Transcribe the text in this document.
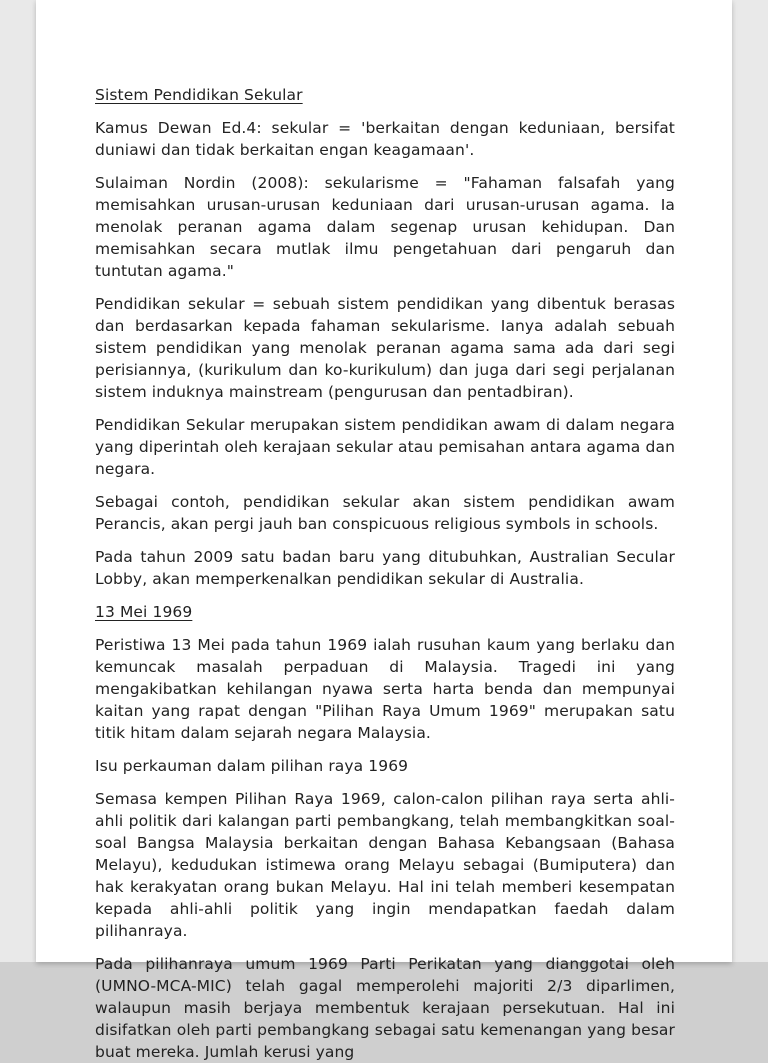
Sistem Pendidikan Sekular

Kamus Dewan Ed.4: sekular = 'berkaitan dengan keduniaan, bersifat duniawi dan tidak berkaitan engan keagamaan'.

Sulaiman Nordin (2008): sekularisme = "Fahaman falsafah yang memisahkan urusan-urusan keduniaan dari urusan-urusan agama. Ia menolak peranan agama dalam segenap urusan kehidupan. Dan memisahkan secara mutlak ilmu pengetahuan dari pengaruh dan tuntutan agama."

Pendidikan sekular = sebuah sistem pendidikan yang dibentuk berasas dan berdasarkan kepada fahaman sekularisme. Ianya adalah sebuah sistem pendidikan yang menolak peranan agama sama ada dari segi perisiannya, (kurikulum dan ko-kurikulum) dan juga dari segi perjalanan sistem induknya mainstream (pengurusan dan pentadbiran).

Pendidikan Sekular merupakan sistem pendidikan awam di dalam negara yang diperintah oleh kerajaan sekular atau pemisahan antara agama dan negara.

Sebagai contoh, pendidikan sekular akan sistem pendidikan awam Perancis, akan pergi jauh ban conspicuous religious symbols in schools.

Pada tahun 2009 satu badan baru yang ditubuhkan, Australian Secular Lobby, akan memperkenalkan pendidikan sekular di Australia.

13 Mei 1969

Peristiwa 13 Mei pada tahun 1969 ialah rusuhan kaum yang berlaku dan kemuncak masalah perpaduan di Malaysia. Tragedi ini yang mengakibatkan kehilangan nyawa serta harta benda dan mempunyai kaitan yang rapat dengan "Pilihan Raya Umum 1969" merupakan satu titik hitam dalam sejarah negara Malaysia.

Isu perkauman dalam pilihan raya 1969

Semasa kempen Pilihan Raya 1969, calon-calon pilihan raya serta ahli-ahli politik dari kalangan parti pembangkang, telah membangkitkan soal-soal Bangsa Malaysia berkaitan dengan Bahasa Kebangsaan (Bahasa Melayu), kedudukan istimewa orang Melayu sebagai (Bumiputera) dan hak kerakyatan orang bukan Melayu. Hal ini telah memberi kesempatan kepada ahli-ahli politik yang ingin mendapatkan faedah dalam pilihanraya.

Pada pilihanraya umum 1969 Parti Perikatan yang dianggotai oleh (UMNO-MCA-MIC) telah gagal memperolehi majoriti 2/3 diparlimen, walaupun masih berjaya membentuk kerajaan persekutuan. Hal ini disifatkan oleh parti pembangkang sebagai satu kemenangan yang besar buat mereka. Jumlah kerusi yang
